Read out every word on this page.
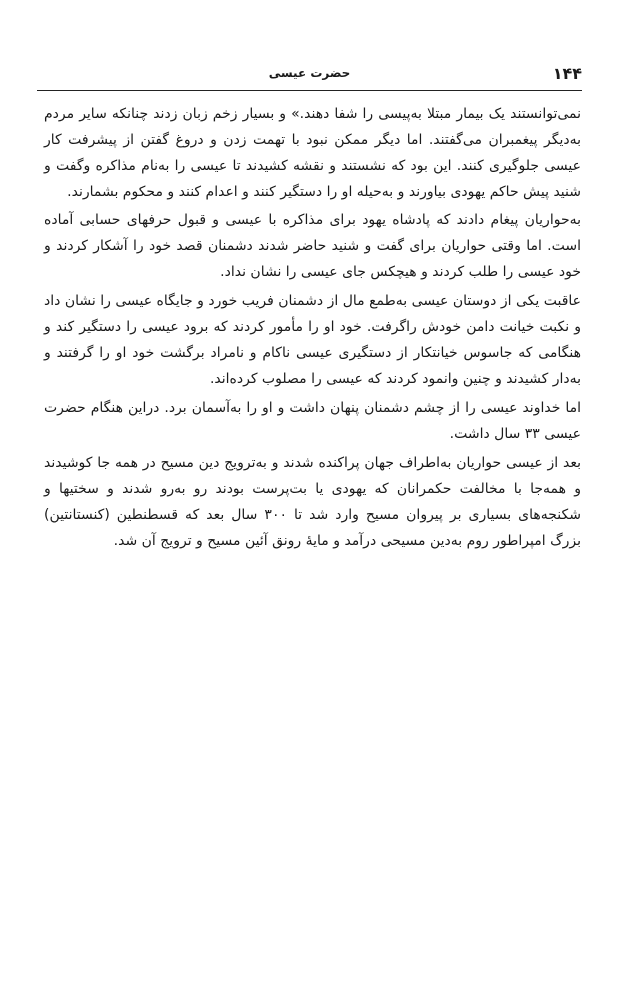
۱۴۴
حضرت عیسی

نمی‌توانستند یک بیمار مبتلا به‌پیسی را شفا دهند.» و بسیار زخم زبان زدند چنانکه سایر مردم به‌دیگر پیغمبران می‌گفتند. اما دیگر ممکن نبود با تهمت زدن و دروغ گفتن از پیشرفت کار عیسی جلوگیری کنند. این بود که نشستند و نقشه کشیدند تا عیسی را به‌نام مذاکره وگفت و شنید پیش حاکم یهودی بیاورند و به‌حیله او را دستگیر کنند و اعدام کنند و محکوم بشمارند.

به‌حواریان پیغام دادند که پادشاه یهود برای مذاکره با عیسی و قبول حرفهای حسابی آماده است. اما وقتی حواریان برای گفت و شنید حاضر شدند دشمنان قصد خود را آشکار کردند و خود عیسی را طلب کردند و هیچکس جای عیسی را نشان نداد.

عاقبت یکی از دوستان عیسی به‌طمع مال از دشمنان فریب خورد و جایگاه عیسی را نشان داد و نکبت خیانت دامن خودش راگرفت. خود او را مأمور کردند که برود عیسی را دستگیر کند و هنگامی که جاسوس خیانتکار از دستگیری عیسی ناکام و نامراد برگشت خود او را گرفتند و به‌دار کشیدند و چنین وانمود کردند که عیسی را مصلوب کرده‌اند.

اما خداوند عیسی را از چشم دشمنان پنهان داشت و او را به‌آسمان برد. دراین هنگام حضرت عیسی ۳۳ سال داشت.

بعد از عیسی حواریان به‌اطراف جهان پراکنده شدند و به‌ترویج دین مسیح در همه جا کوشیدند و همه‌جا با مخالفت حکمرانان که یهودی یا بت‌پرست بودند رو به‌رو شدند و سختیها و شکنجه‌های بسیاری بر پیروان مسیح وارد شد تا ۳۰۰ سال بعد که قسطنطین (کنستانتین) بزرگ امپراطور روم به‌دین مسیحی درآمد و مایهٔ رونق آئین مسیح و ترویج آن شد.
